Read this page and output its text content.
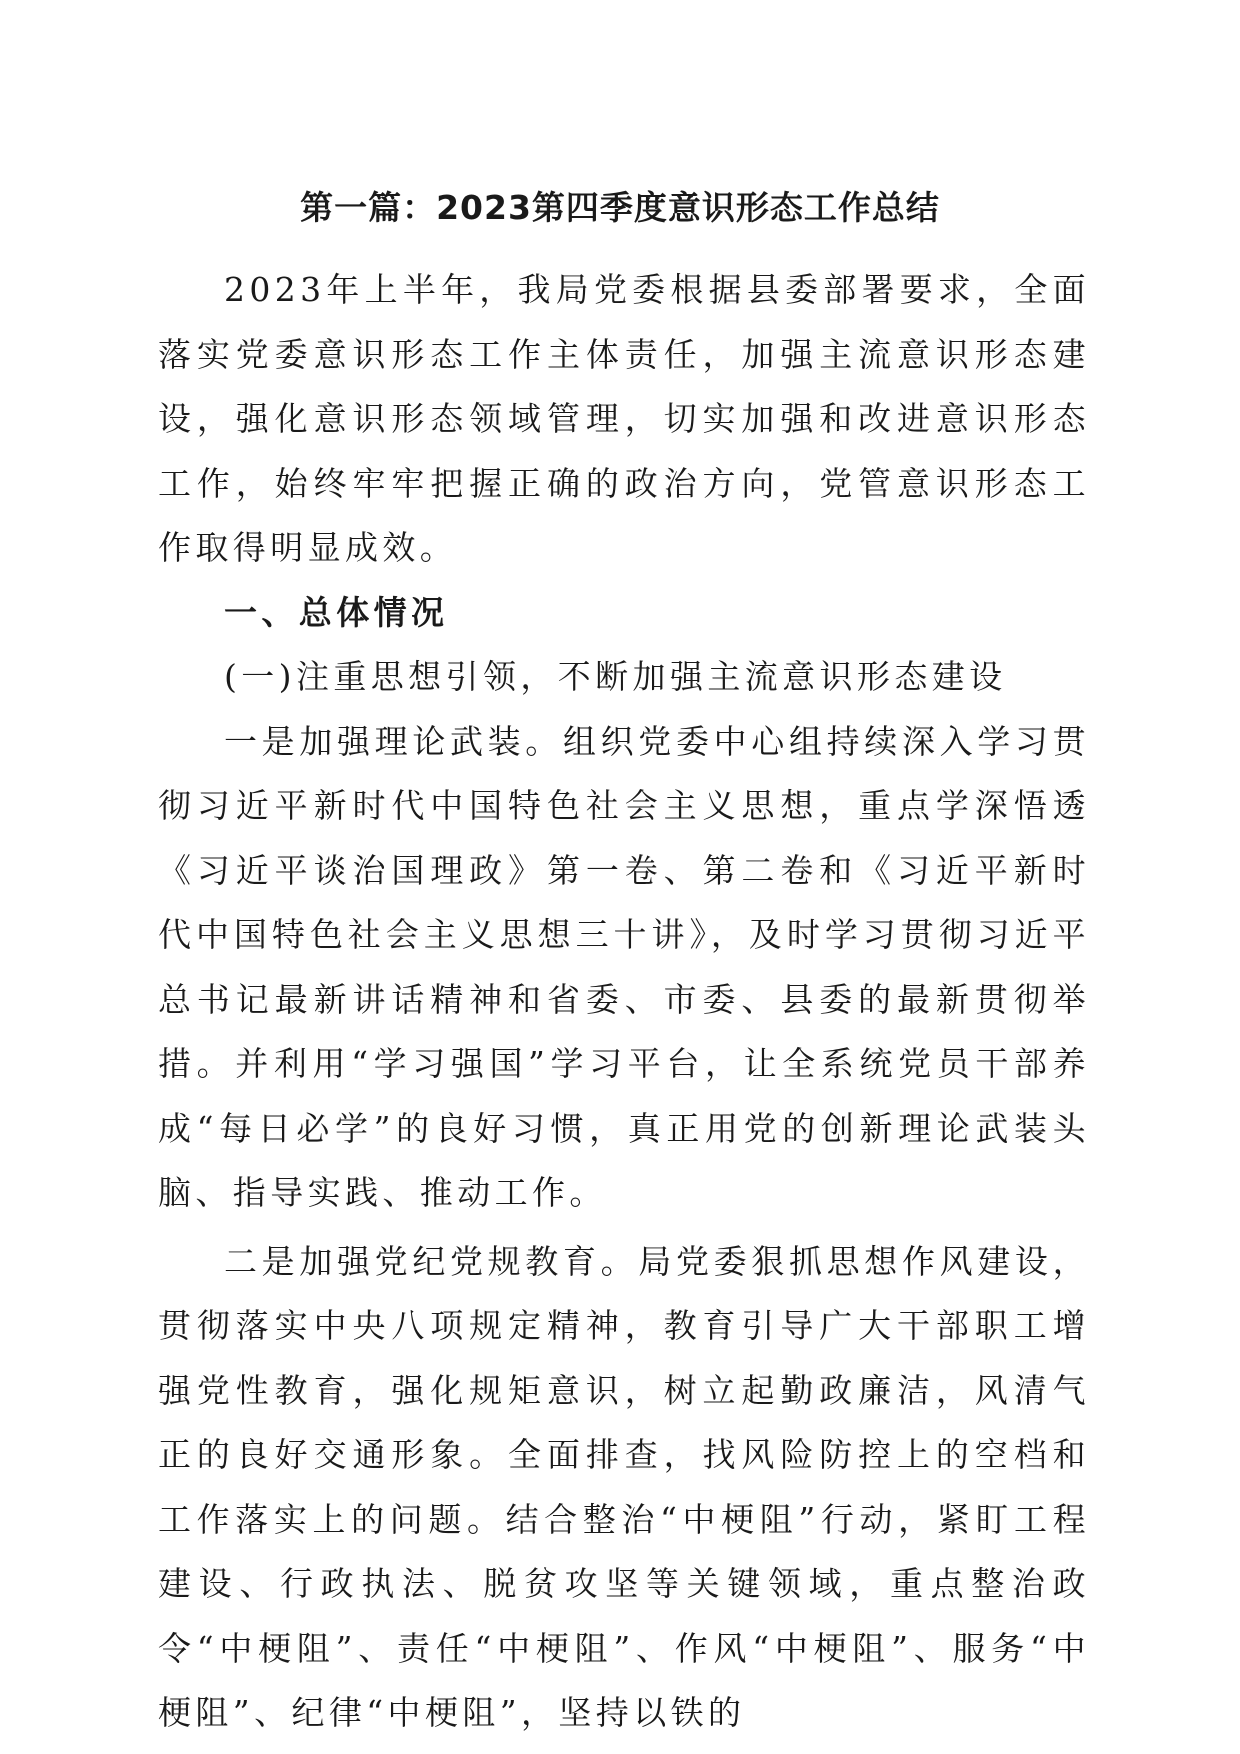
第一篇：2023第四季度意识形态工作总结

2023年上半年，我局党委根据县委部署要求，全面落实党委意识形态工作主体责任，加强主流意识形态建设，强化意识形态领域管理，切实加强和改进意识形态工作，始终牢牢把握正确的政治方向，党管意识形态工作取得明显成效。

一、总体情况

(一)注重思想引领，不断加强主流意识形态建设

一是加强理论武装。组织党委中心组持续深入学习贯彻习近平新时代中国特色社会主义思想，重点学深悟透《习近平谈治国理政》第一卷、第二卷和《习近平新时代中国特色社会主义思想三十讲》，及时学习贯彻习近平总书记最新讲话精神和省委、市委、县委的最新贯彻举措。并利用“学习强国”学习平台，让全系统党员干部养成“每日必学”的良好习惯，真正用党的创新理论武装头脑、指导实践、推动工作。

二是加强党纪党规教育。局党委狠抓思想作风建设，贯彻落实中央八项规定精神，教育引导广大干部职工增强党性教育，强化规矩意识，树立起勤政廉洁，风清气正的良好交通形象。全面排查，找风险防控上的空档和工作落实上的问题。结合整治“中梗阻”行动，紧盯工程建设、行政执法、脱贫攻坚等关键领域，重点整治政令“中梗阻”、责任“中梗阻”、作风“中梗阻”、服务“中梗阻”、纪律“中梗阻”，坚持以铁的
